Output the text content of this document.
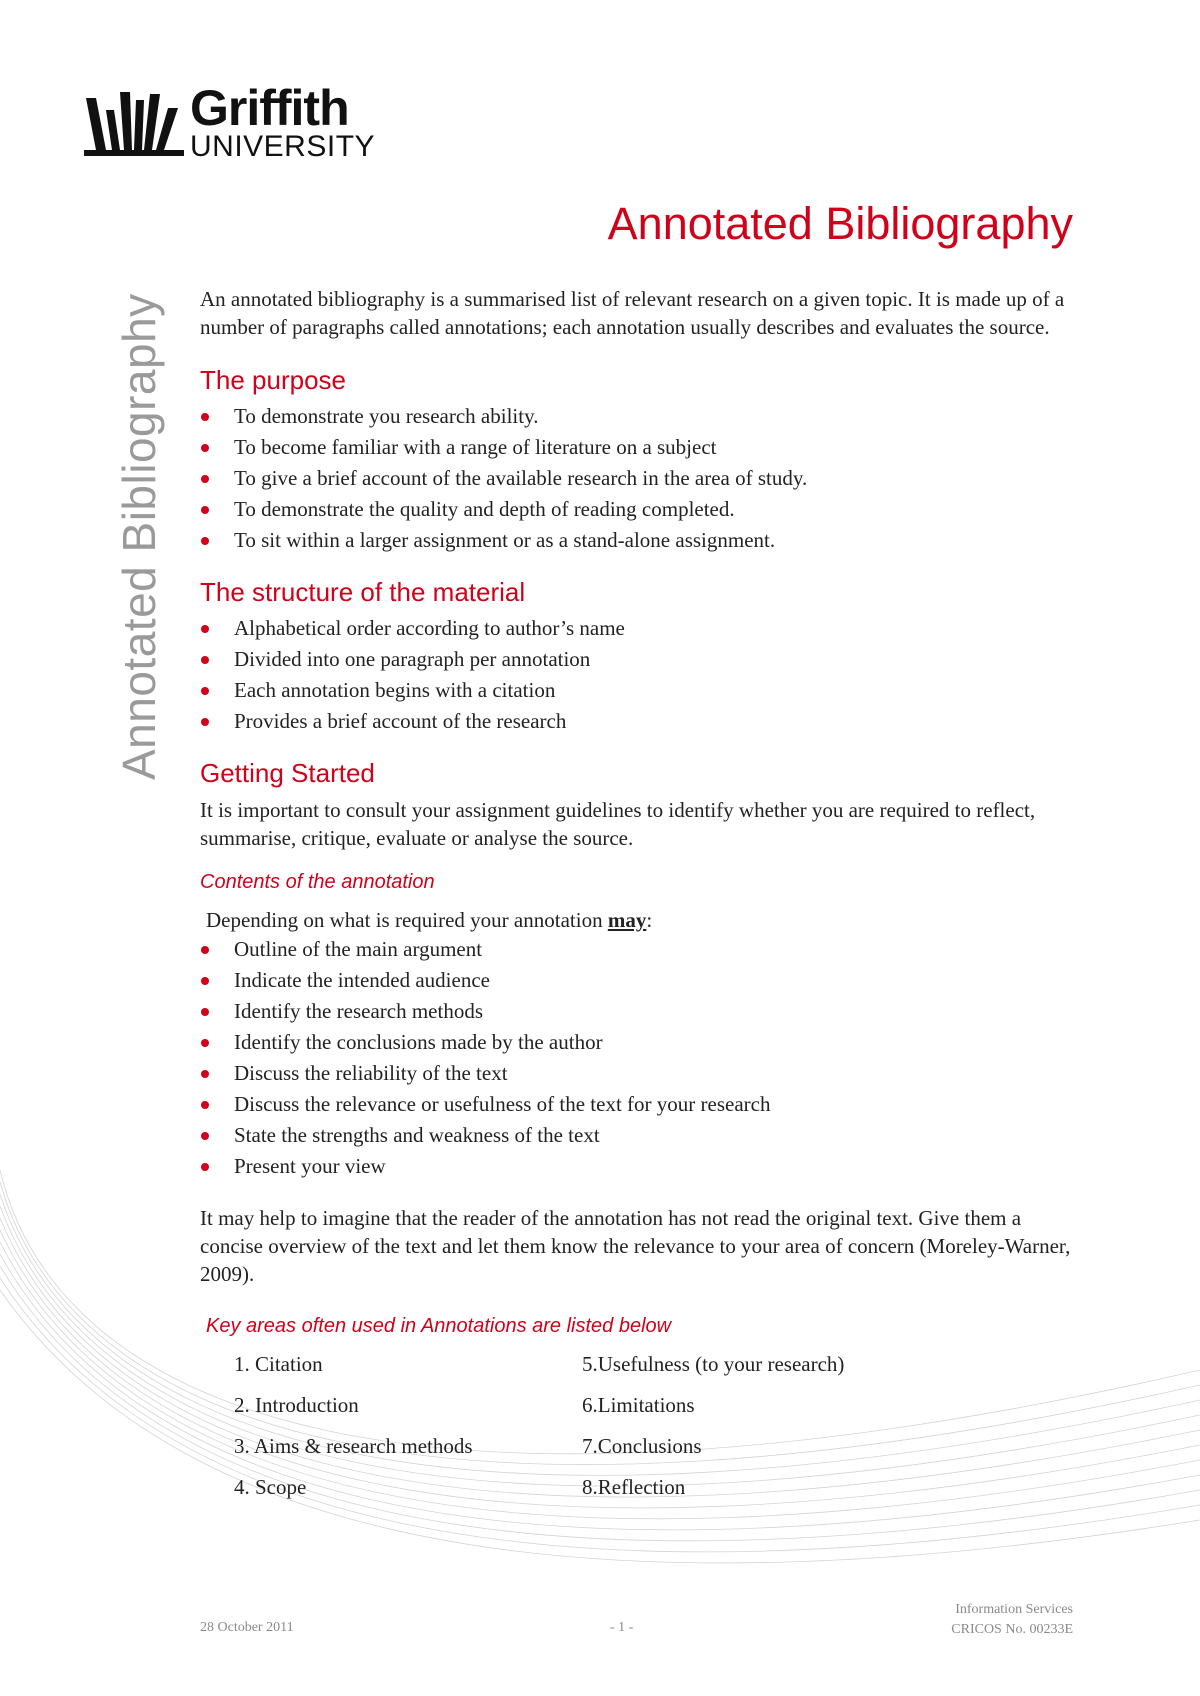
Griffith
UNIVERSITY
Annotated Bibliography
Annotated Bibliography

An annotated bibliography is a summarised list of relevant research on a given topic. It is made up of a number of paragraphs called annotations; each annotation usually describes and evaluates the source.

The purpose
To demonstrate you research ability.
To become familiar with a range of literature on a subject
To give a brief account of the available research in the area of study.
To demonstrate the quality and depth of reading completed.
To sit within a larger assignment or as a stand-alone assignment.
The structure of the material
Alphabetical order according to author’s name
Divided into one paragraph per annotation
Each annotation begins with a citation
Provides a brief account of the research
Getting Started

It is important to consult your assignment guidelines to identify whether you are required to reflect, summarise, critique, evaluate or analyse the source.

Contents of the annotation

Depending on what is required your annotation may:

Outline of the main argument
Indicate the intended audience
Identify the research methods
Identify the conclusions made by the author
Discuss the reliability of the text
Discuss the relevance or usefulness of the text for your research
State the strengths and weakness of the text
Present your view

It may help to imagine that the reader of the annotation has not read the original text. Give them a concise overview of the text and let them know the relevance to your area of concern (Moreley-Warner, 2009).

Key areas often used in Annotations are listed below
1. Citation	5.Usefulness (to your research)
2. Introduction	6.Limitations
3. Aims & research methods	7.Conclusions
4. Scope	8.Reflection
28 October 2011	- 1 -
Information Services
CRICOS No. 00233E
